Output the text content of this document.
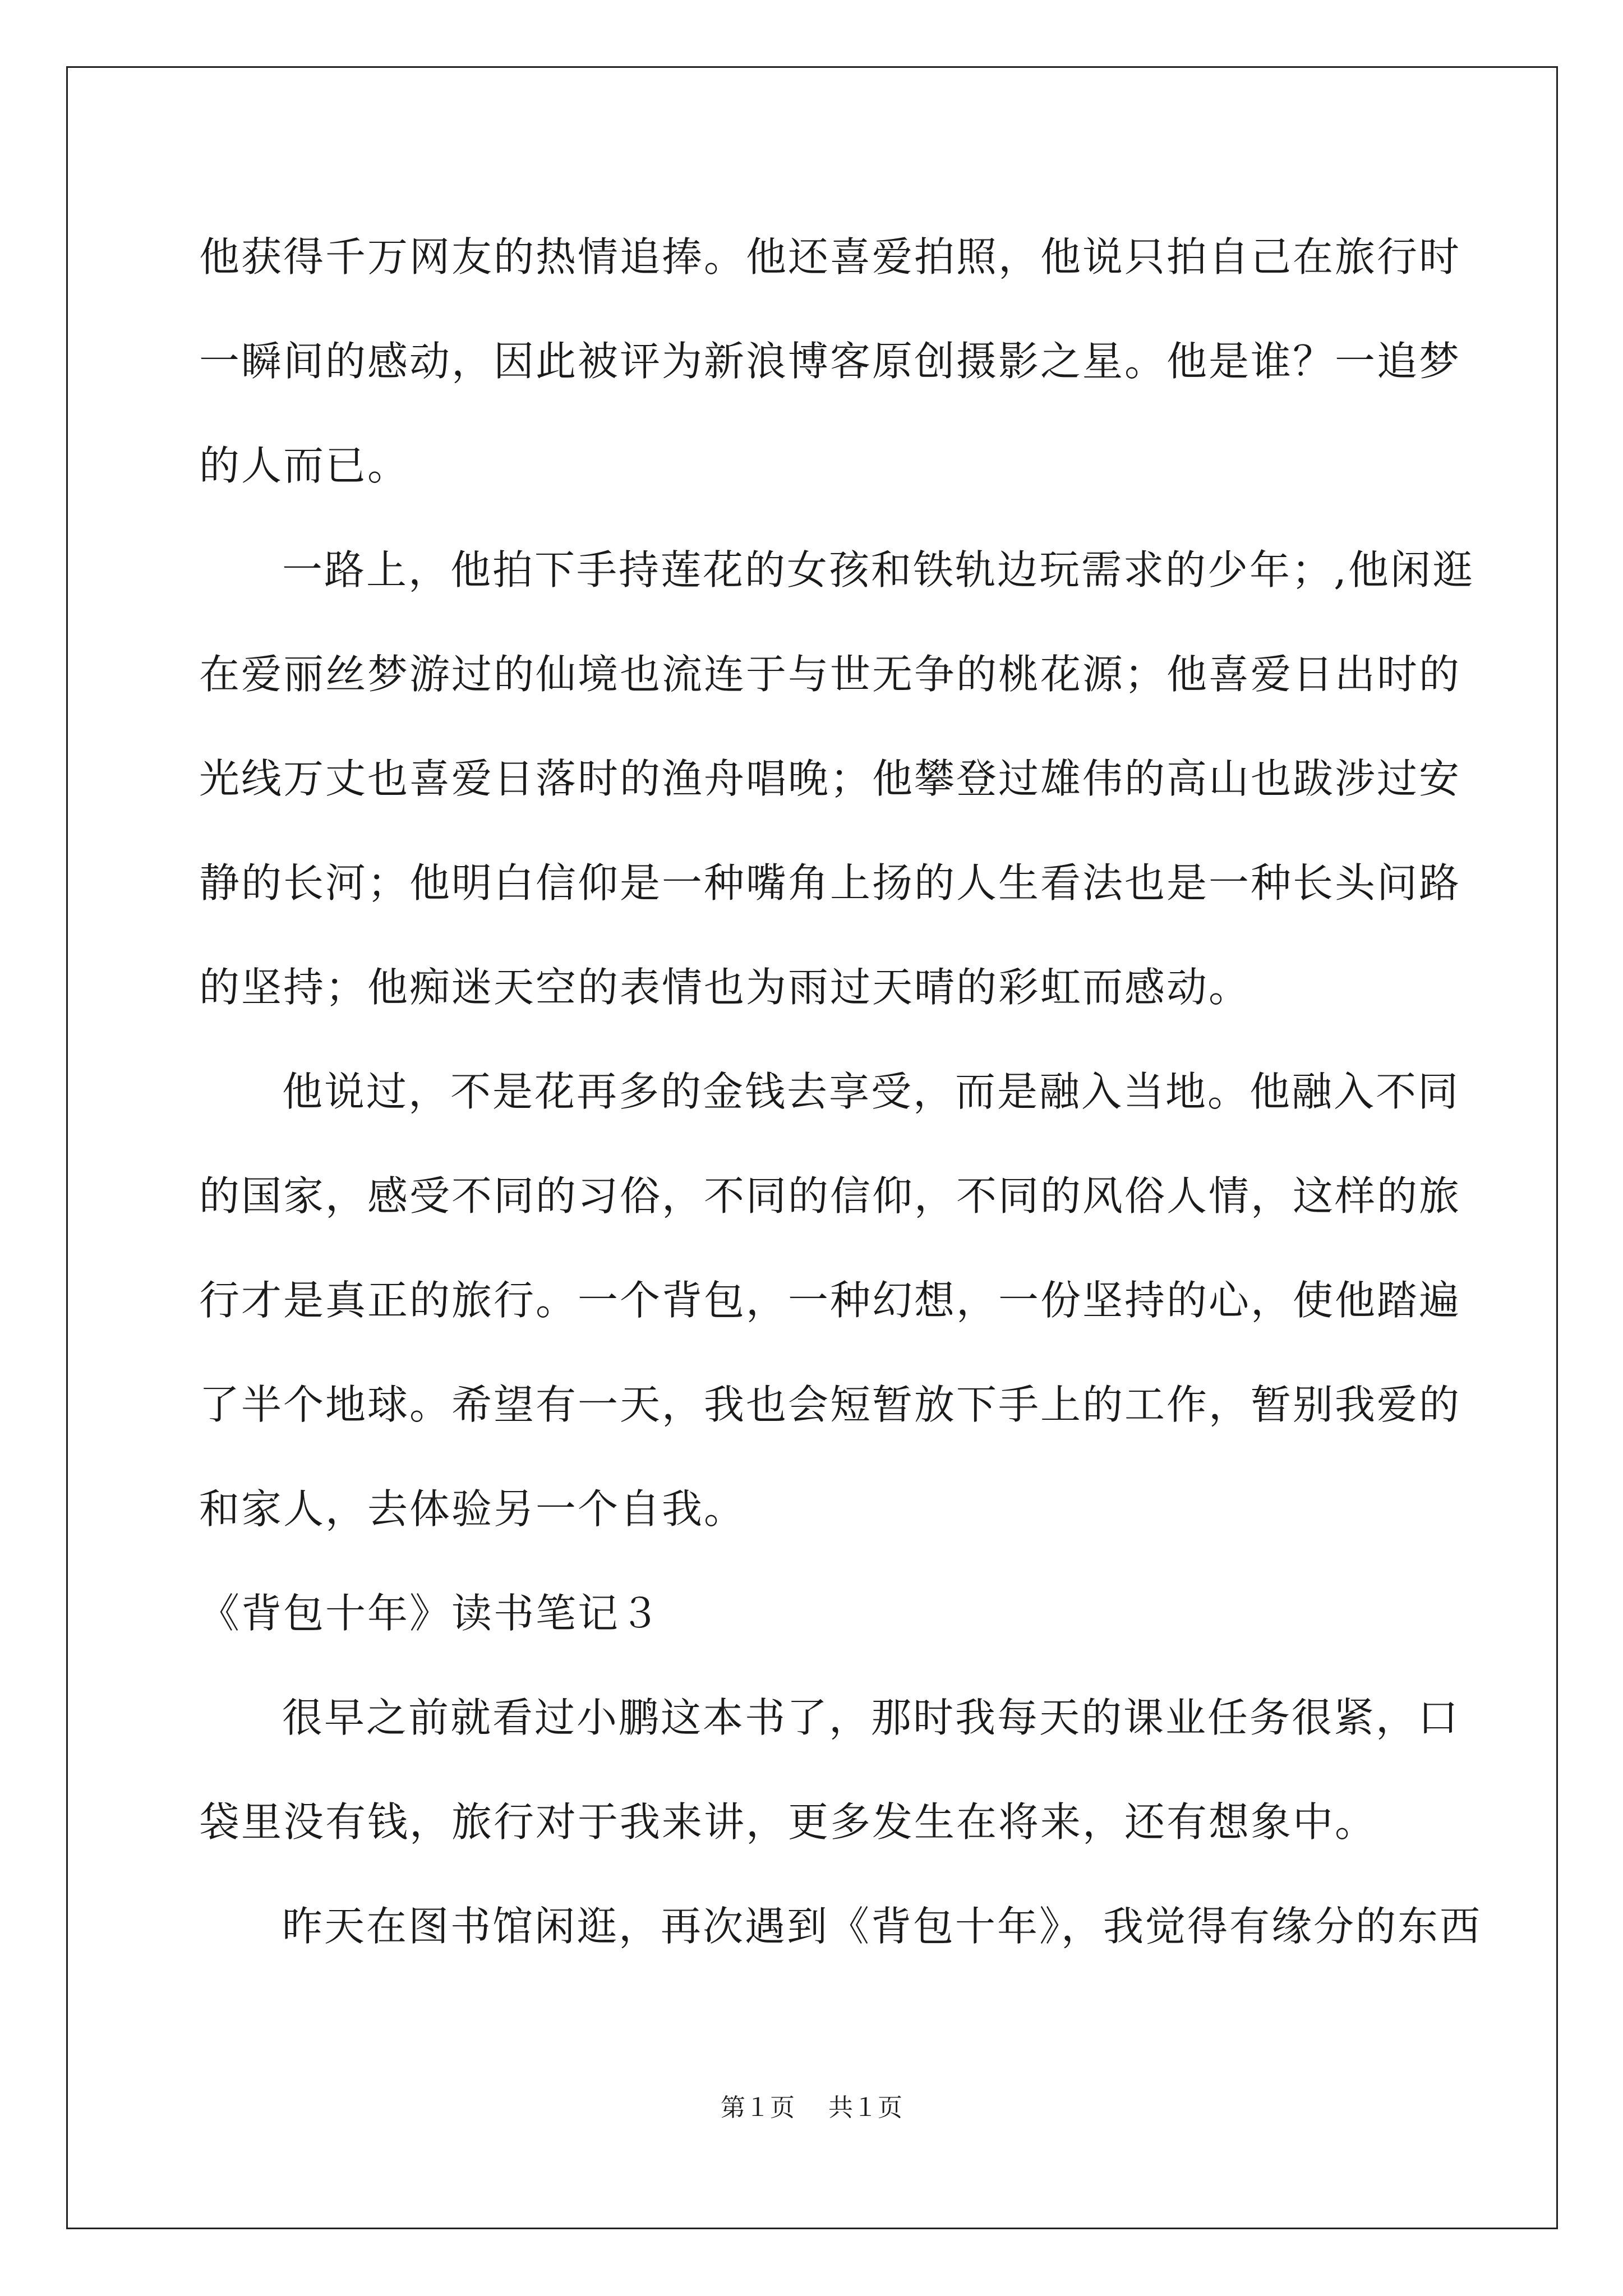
他获得千万网友的热情追捧。他还喜爱拍照，他说只拍自己在旅行时
一瞬间的感动，因此被评为新浪博客原创摄影之星。他是谁？一追梦
的人而已。
一路上，他拍下手持莲花的女孩和铁轨边玩需求的少年；,他闲逛
在爱丽丝梦游过的仙境也流连于与世无争的桃花源；他喜爱日出时的
光线万丈也喜爱日落时的渔舟唱晚；他攀登过雄伟的高山也跋涉过安
静的长河；他明白信仰是一种嘴角上扬的人生看法也是一种长头问路
的坚持；他痴迷天空的表情也为雨过天晴的彩虹而感动。
他说过，不是花再多的金钱去享受，而是融入当地。他融入不同
的国家，感受不同的习俗，不同的信仰，不同的风俗人情，这样的旅
行才是真正的旅行。一个背包，一种幻想，一份坚持的心，使他踏遍
了半个地球。希望有一天，我也会短暂放下手上的工作，暂别我爱的
和家人，去体验另一个自我。
《背包十年》读书笔记３
很早之前就看过小鹏这本书了，那时我每天的课业任务很紧，口
袋里没有钱，旅行对于我来讲，更多发生在将来，还有想象中。
昨天在图书馆闲逛，再次遇到《背包十年》，我觉得有缘分的东西
第１页 共１页
